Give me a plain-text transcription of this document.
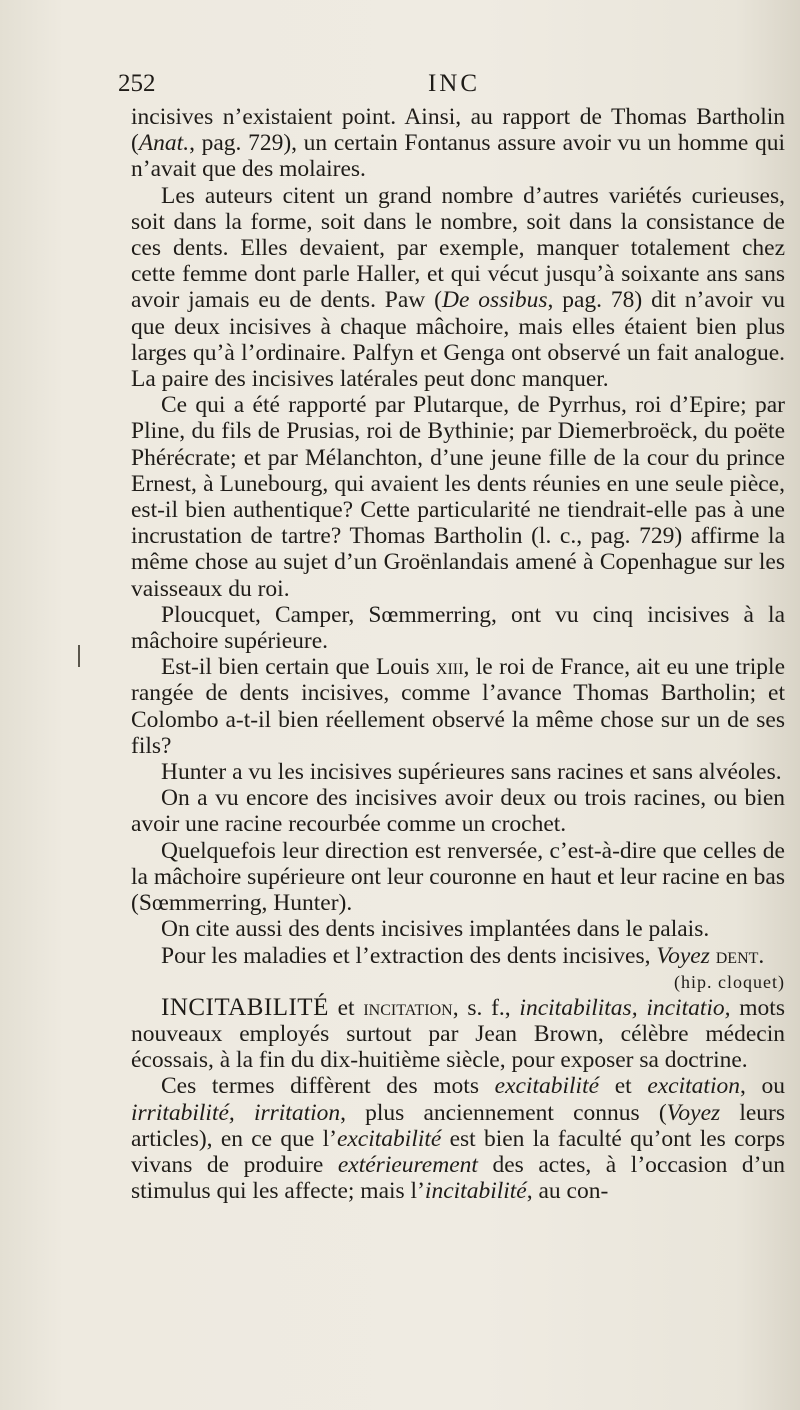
252	INC

incisives n’existaient point. Ainsi, au rapport de Thomas Bartholin (Anat., pag. 729), un certain Fontanus assure avoir vu un homme qui n’avait que des molaires.

Les auteurs citent un grand nombre d’autres variétés curieuses, soit dans la forme, soit dans le nombre, soit dans la consistance de ces dents. Elles devaient, par exemple, manquer totalement chez cette femme dont parle Haller, et qui vécut jusqu’à soixante ans sans avoir jamais eu de dents. Paw (De ossibus, pag. 78) dit n’avoir vu que deux incisives à chaque mâchoire, mais elles étaient bien plus larges qu’à l’ordinaire. Palfyn et Genga ont observé un fait analogue. La paire des incisives latérales peut donc manquer.

Ce qui a été rapporté par Plutarque, de Pyrrhus, roi d’Epire; par Pline, du fils de Prusias, roi de Bythinie; par Diemerbroëck, du poëte Phérécrate; et par Mélanchton, d’une jeune fille de la cour du prince Ernest, à Lunebourg, qui avaient les dents réunies en une seule pièce, est-il bien authentique? Cette particularité ne tiendrait-elle pas à une incrustation de tartre? Thomas Bartholin (l. c., pag. 729) affirme la même chose au sujet d’un Groënlandais amené à Copenhague sur les vaisseaux du roi.

Ploucquet, Camper, Sœmmerring, ont vu cinq incisives à la mâchoire supérieure.

Est-il bien certain que Louis xiii, le roi de France, ait eu une triple rangée de dents incisives, comme l’avance Thomas Bartholin; et Colombo a-t-il bien réellement observé la même chose sur un de ses fils?

Hunter a vu les incisives supérieures sans racines et sans alvéoles.

On a vu encore des incisives avoir deux ou trois racines, ou bien avoir une racine recourbée comme un crochet.

Quelquefois leur direction est renversée, c’est-à-dire que celles de la mâchoire supérieure ont leur couronne en haut et leur racine en bas (Sœmmerring, Hunter).

On cite aussi des dents incisives implantées dans le palais.

Pour les maladies et l’extraction des dents incisives, Voyez dent.

(hip. cloquet)

INCITABILITÉ et incitation, s. f., incitabilitas, incitatio, mots nouveaux employés surtout par Jean Brown, célèbre médecin écossais, à la fin du dix-huitième siècle, pour exposer sa doctrine.

Ces termes diffèrent des mots excitabilité et excitation, ou irritabilité, irritation, plus anciennement connus (Voyez leurs articles), en ce que l’excitabilité est bien la faculté qu’ont les corps vivans de produire extérieurement des actes, à l’occasion d’un stimulus qui les affecte; mais l’incitabilité, au con-
